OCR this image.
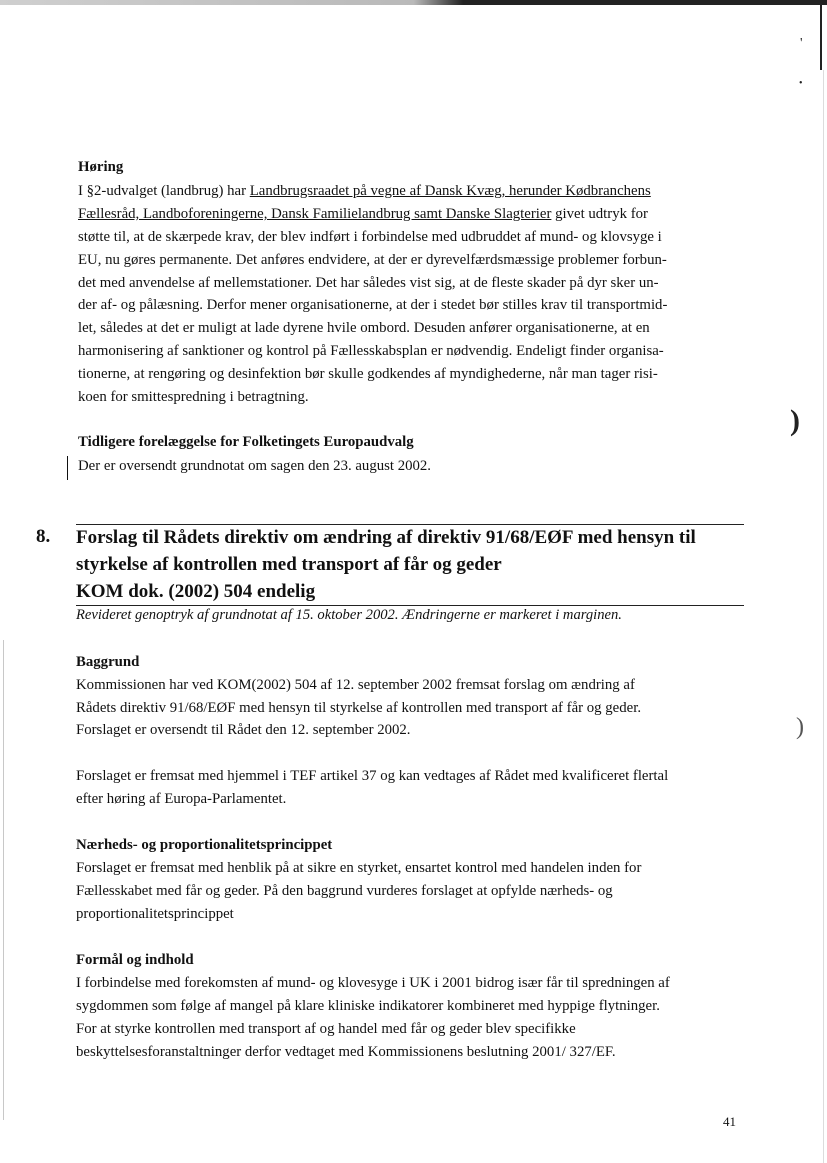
'
•
)
)
Høring
I §2-udvalget (landbrug) har Landbrugsraadet på vegne af Dansk Kvæg, herunder Kødbranchens
Fællesråd, Landboforeningerne, Dansk Familielandbrug samt Danske Slagterier givet udtryk for
støtte til, at de skærpede krav, der blev indført i forbindelse med udbruddet af mund- og klovsyge i
EU, nu gøres permanente. Det anføres endvidere, at der er dyrevelfærdsmæssige problemer forbun-
det med anvendelse af mellemstationer. Det har således vist sig, at de fleste skader på dyr sker un-
der af- og pålæsning. Derfor mener organisationerne, at der i stedet bør stilles krav til transportmid-
let, således at det er muligt at lade dyrene hvile ombord. Desuden anfører organisationerne, at en
harmonisering af sanktioner og kontrol på Fællesskabsplan er nødvendig. Endeligt finder organisa-
tionerne, at rengøring og desinfektion bør skulle godkendes af myndighederne, når man tager risi-
koen for smittespredning i betragtning.
Tidligere forelæggelse for Folketingets Europaudvalg
Der er oversendt grundnotat om sagen den 23. august 2002.
8. Forslag til Rådets direktiv om ændring af direktiv 91/68/EØF med hensyn til
styrkelse af kontrollen med transport af får og geder
KOM dok. (2002) 504 endelig
Revideret genoptryk af grundnotat af 15. oktober 2002. Ændringerne er markeret i marginen.
Baggrund
Kommissionen har ved KOM(2002) 504 af 12. september 2002 fremsat forslag om ændring af
Rådets direktiv 91/68/EØF med hensyn til styrkelse af kontrollen med transport af får og geder.
Forslaget er oversendt til Rådet den 12. september 2002.
Forslaget er fremsat med hjemmel i TEF artikel 37 og kan vedtages af Rådet med kvalificeret flertal
efter høring af Europa-Parlamentet.
Nærheds- og proportionalitetsprincippet
Forslaget er fremsat med henblik på at sikre en styrket, ensartet kontrol med handelen inden for
Fællesskabet med får og geder. På den baggrund vurderes forslaget at opfylde nærheds- og
proportionalitetsprincippet
Formål og indhold
I forbindelse med forekomsten af mund- og klovesyge i UK i 2001 bidrog især får til spredningen af
sygdommen som følge af mangel på klare kliniske indikatorer kombineret med hyppige flytninger.
For at styrke kontrollen med transport af og handel med får og geder blev specifikke
beskyttelsesforanstaltninger derfor vedtaget med Kommissionens beslutning 2001/ 327/EF.
41
